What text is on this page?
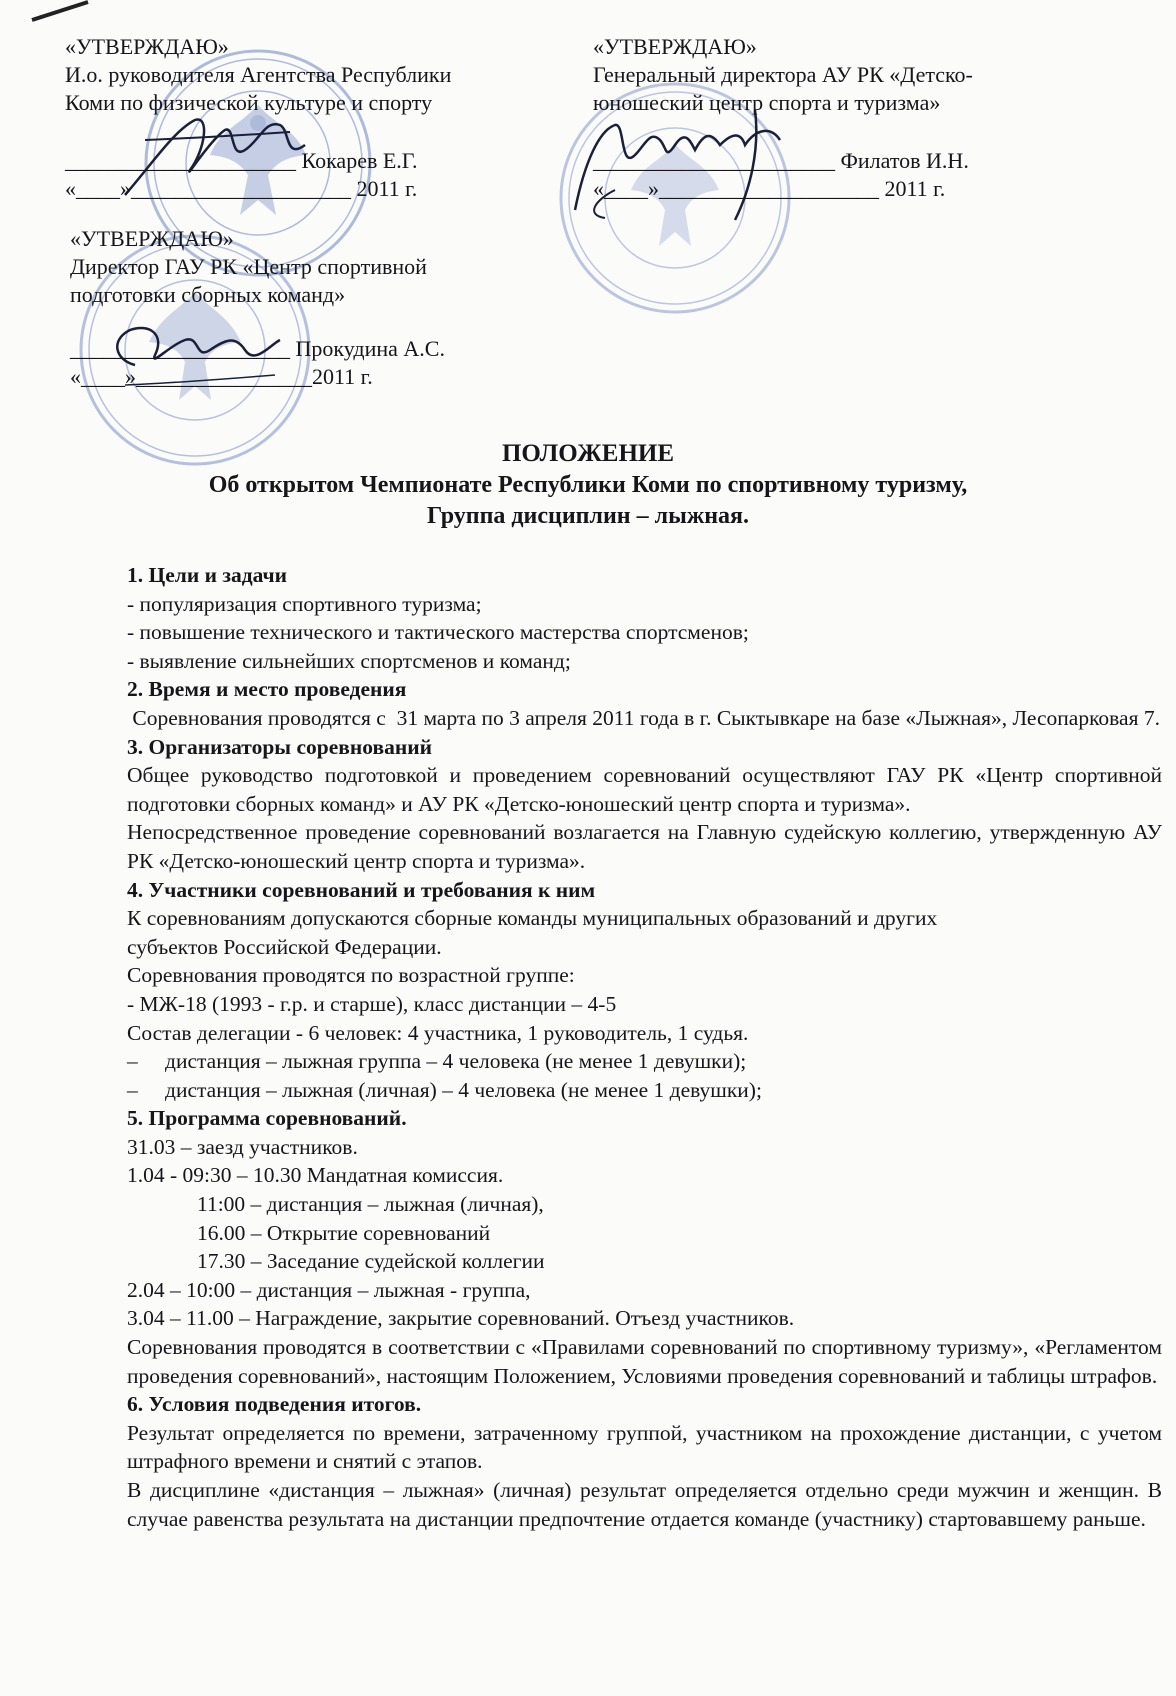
«УТВЕРЖДАЮ»
И.о. руководителя Агентства Республики
Коми по физической культуре и спорту
_____________________ Кокарев Е.Г.
«____»____________________ 2011 г.
«УТВЕРЖДАЮ»
Генеральный директора АУ РК «Детско-
юношеский центр спорта и туризма»
______________________ Филатов И.Н.
«____»____________________ 2011 г.
«УТВЕРЖДАЮ»
Директор ГАУ РК «Центр спортивной
подготовки сборных команд»
____________________ Прокудина А.С.
«____»________________2011 г.
ПОЛОЖЕНИЕ
Об открытом Чемпионате Республики Коми по спортивному туризму,
Группа дисциплин – лыжная.
1. Цели и задачи
- популяризация спортивного туризма;
- повышение технического и тактического мастерства спортсменов;
- выявление сильнейших спортсменов и команд;
2. Время и место проведения
Соревнования проводятся с  31 марта по 3 апреля 2011 года в г. Сыктывкаре на базе «Лыжная», Лесопарковая 7.
3. Организаторы соревнований
Общее руководство подготовкой и проведением соревнований осуществляют ГАУ РК «Центр спортивной подготовки сборных команд» и АУ РК «Детско-юношеский центр спорта и туризма».
Непосредственное проведение соревнований возлагается на Главную судейскую коллегию, утвержденную АУ РК «Детско-юношеский центр спорта и туризма».
4. Участники соревнований и требования к ним
К соревнованиям допускаются сборные команды муниципальных образований и других
субъектов Российской Федерации.
Соревнования проводятся по возрастной группе:
- МЖ-18 (1993 - г.р. и старше), класс дистанции – 4-5
Состав делегации - 6 человек: 4 участника, 1 руководитель, 1 судья.
– дистанция – лыжная группа – 4 человека (не менее 1 девушки);
– дистанция – лыжная (личная) – 4 человека (не менее 1 девушки);
5. Программа соревнований.
31.03 – заезд участников.
1.04 - 09:30 – 10.30 Мандатная комиссия.
11:00 – дистанция – лыжная (личная),
16.00 – Открытие соревнований
17.30 – Заседание судейской коллегии
2.04 – 10:00 – дистанция – лыжная - группа,
3.04 – 11.00 – Награждение, закрытие соревнований. Отъезд участников.
Соревнования проводятся в соответствии с «Правилами соревнований по спортивному туризму», «Регламентом проведения соревнований», настоящим Положением, Условиями проведения соревнований и таблицы штрафов.
6. Условия подведения итогов.
Результат определяется по времени, затраченному группой, участником на прохождение дистанции, с учетом штрафного времени и снятий с этапов.
В дисциплине «дистанция – лыжная» (личная) результат определяется отдельно среди мужчин и женщин. В случае равенства результата на дистанции предпочтение отдается команде (участнику) стартовавшему раньше.
